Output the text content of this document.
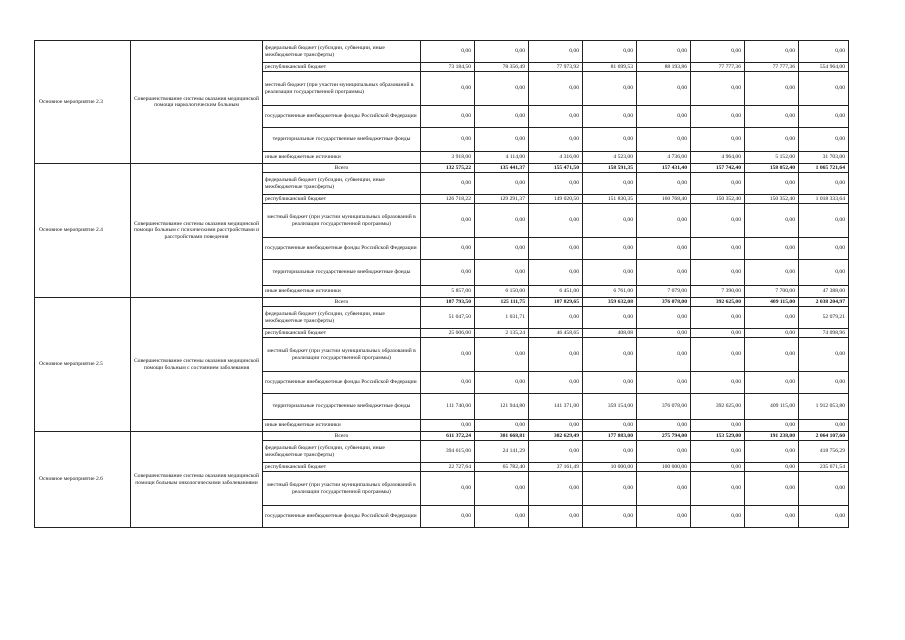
Основное мероприятие 2.3	Совершенствование системы оказания медицинской помощи наркологическим больным	федеральный бюджет (субсидии, субвенции, иные межбюджетные трансферты)	0,00	0,00	0,00	0,00	0,00	0,00	0,00	0,00
		республиканский бюджет	73 184,50	78 356,49	77 973,92	81 699,53	88 193,86	77 777,36	77 777,36	554 964,00
		местный бюджет (при участии муниципальных образований в реализации государственной программы)	0,00	0,00	0,00	0,00	0,00	0,00	0,00	0,00
		государственные внебюджетные фонды Российской Федерации	0,00	0,00	0,00	0,00	0,00	0,00	0,00	0,00
		территориальные государственные внебюджетные фонды	0,00	0,00	0,00	0,00	0,00	0,00	0,00	0,00
		иные внебюджетные источники	3 918,00	4 114,00	4 316,00	4 523,00	4 736,00	4 964,00	5 152,00	31 703,00
Основное мероприятие 2.4	Совершенствование системы оказания медицинской помощи больным с психическими расстройствами и расстройствами поведения	Всего	132 575,22	135 441,37	155 471,50	158 591,35	157 431,40	157 742,40	158 052,40	1 065 721,64
		федеральный бюджет (субсидии, субвенции, иные межбюджетные трансферты)	0,00	0,00	0,00	0,00	0,00	0,00	0,00	0,00
		республиканский бюджет	126 718,22	129 291,37	149 020,50	151 830,35	160 768,40	150 352,40	150 352,40	1 018 333,64
		местный бюджет (при участии муниципальных образований в реализации государственной программы)	0,00	0,00	0,00	0,00	0,00	0,00	0,00	0,00
		государственные внебюджетные фонды Российской Федерации	0,00	0,00	0,00	0,00	0,00	0,00	0,00	0,00
		территориальные государственные внебюджетные фонды	0,00	0,00	0,00	0,00	0,00	0,00	0,00	0,00
		иные внебюджетные источники	5 857,00	6 150,00	6 451,00	6 761,00	7 079,00	7 390,00	7 700,00	47 388,00
Основное мероприятие 2.5	Совершенствование системы оказания медицинской помощи больным с состоянием заболевания	Всего	187 793,50	125 111,75	187 829,65	359 632,08	376 078,00	392 625,00	409 115,00	2 038 204,97
		федеральный бюджет (субсидии, субвенции, иные межбюджетные трансферты)	51 047,50	1 031,71	0,00	0,00	0,00	0,00	0,00	52 079,21
		республиканский бюджет	25 006,00	2 135,24	46 458,65	408,08	0,00	0,00	0,00	74 098,96
		местный бюджет (при участии муниципальных образований в реализации государственной программы)	0,00	0,00	0,00	0,00	0,00	0,00	0,00	0,00
		государственные внебюджетные фонды Российской Федерации	0,00	0,00	0,00	0,00	0,00	0,00	0,00	0,00
		территориальные государственные внебюджетные фонды	111 740,00	121 944,80	141 371,00	359 154,00	376 078,00	392 625,00	409 115,00	1 912 053,80
		иные внебюджетные источники	0,00	0,00	0,00	0,00	0,00	0,00	0,00	0,00
Основное мероприятие 2.6	Совершенствование системы оказания медицинской помощи больным онкологическими заболеваниями	Всего	611 372,24	301 668,81	302 629,49	177 883,00	275 794,00	153 529,00	191 238,00	2 064 107,60
		федеральный бюджет (субсидии, субвенции, иные межбюджетные трансферты)	394 615,00	24 141,29	0,00	0,00	0,00	0,00	0,00	418 756,29
		республиканский бюджет	22 727,64	65 782,40	37 161,49	10 000,00	100 000,00	0,00	0,00	235 671,54
		местный бюджет (при участии муниципальных образований в реализации государственной программы)	0,00	0,00	0,00	0,00	0,00	0,00	0,00	0,00
		государственные внебюджетные фонды Российской Федерации	0,00	0,00	0,00	0,00	0,00	0,00	0,00	0,00
